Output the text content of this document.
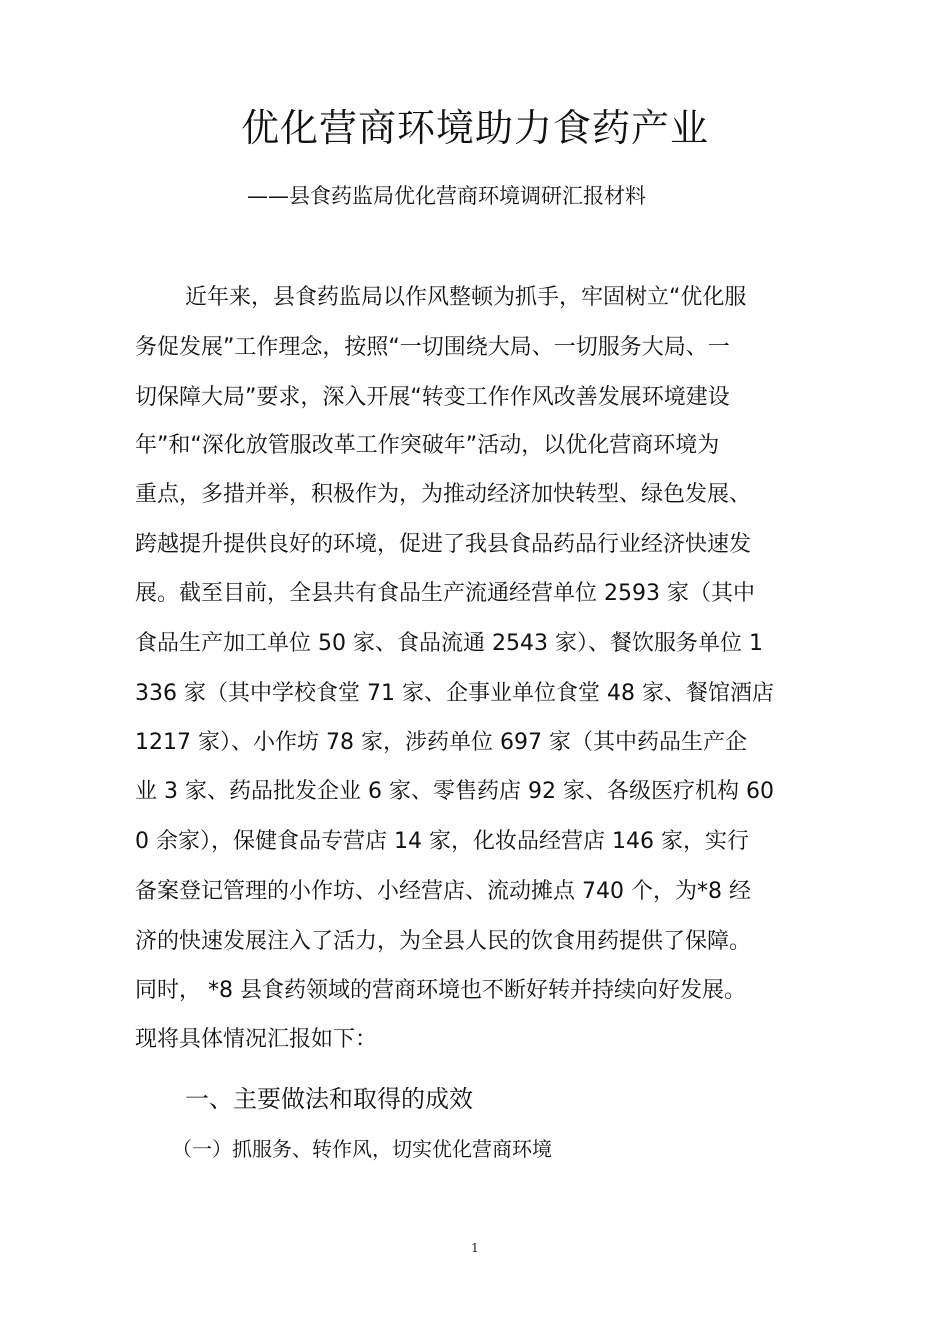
优化营商环境助力食药产业
——县食药监局优化营商环境调研汇报材料
近年来，县食药监局以作风整顿为抓手，牢固树立“优化服
务促发展”工作理念，按照“一切围绕大局、一切服务大局、一
切保障大局”要求，深入开展“转变工作作风改善发展环境建设
年”和“深化放管服改革工作突破年”活动，以优化营商环境为
重点，多措并举，积极作为，为推动经济加快转型、绿色发展、
跨越提升提供良好的环境，促进了我县食品药品行业经济快速发
展。截至目前，全县共有食品生产流通经营单位 2593 家（其中
食品生产加工单位 50 家、食品流通 2543 家）、餐饮服务单位 1
336 家（其中学校食堂 71 家、企事业单位食堂 48 家、餐馆酒店
1217 家）、小作坊 78 家，涉药单位 697 家（其中药品生产企
业 3 家、药品批发企业 6 家、零售药店 92 家、各级医疗机构 60
0 余家），保健食品专营店 14 家，化妆品经营店 146 家，实行
备案登记管理的小作坊、小经营店、流动摊点 740 个，为*8 经
济的快速发展注入了活力，为全县人民的饮食用药提供了保障。
同时， *8 县食药领域的营商环境也不断好转并持续向好发展。
现将具体情况汇报如下：
一、主要做法和取得的成效
（一）抓服务、转作风，切实优化营商环境
1
